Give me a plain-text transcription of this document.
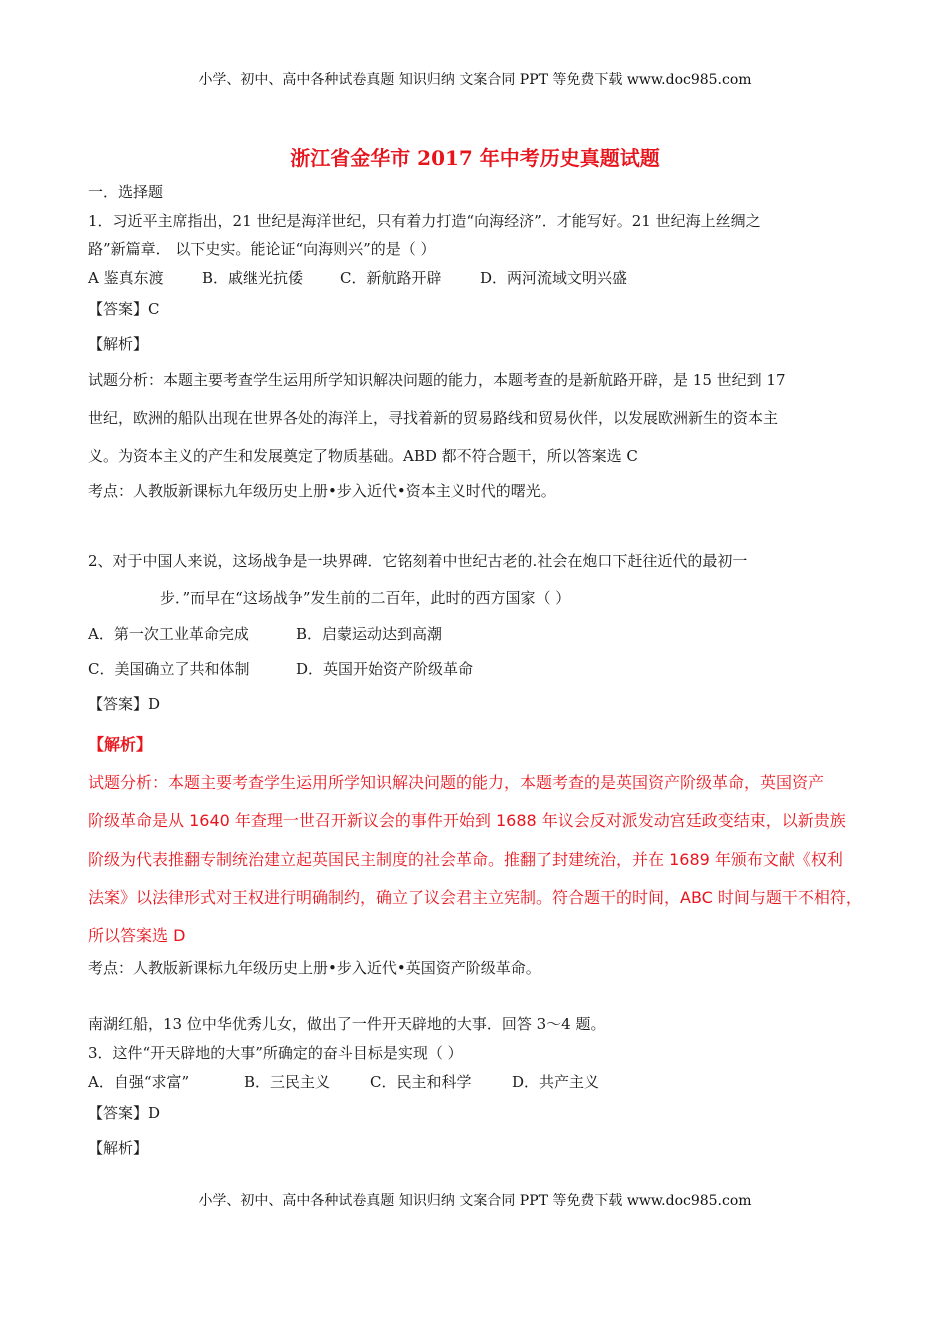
小学、初中、高中各种试卷真题 知识归纳 文案合同 PPT 等免费下载 www.doc985.com
浙江省金华市 2017 年中考历史真题试题
一．选择题
1．习近平主席指出，21 世纪是海洋世纪，只有着力打造“向海经济”．才能写好。21 世纪海上丝绸之
路”新篇章． 以下史实。能论证“向海则兴”的是（ ）
A 鉴真东渡	B．戚继光抗倭 C．新航路开辟	D．两河流域文明兴盛
【答案】C
【解析】
试题分析：本题主要考查学生运用所学知识解决问题的能力，本题考查的是新航路开辟，是 15 世纪到 17
世纪，欧洲的船队出现在世界各处的海洋上，寻找着新的贸易路线和贸易伙伴，以发展欧洲新生的资本主
义。为资本主义的产生和发展奠定了物质基础。ABD 都不符合题干，所以答案选 C
考点：人教版新课标九年级历史上册•步入近代•资本主义时代的曙光。
2、对于中国人来说，这场战争是一块界碑．它铭刻着中世纪古老的.社会在炮口下赶往近代的最初一
步．”而早在“这场战争”发生前的二百年，此时的西方国家（ ）
A．第一次工业革命完成	B．启蒙运动达到高潮
C．美国确立了共和体制	D．英国开始资产阶级革命
【答案】D
【解析】
试题分析：本题主要考查学生运用所学知识解决问题的能力，本题考查的是英国资产阶级革命，英国资产
阶级革命是从 1640 年查理一世召开新议会的事件开始到 1688 年议会反对派发动宫廷政变结束，以新贵族
阶级为代表推翻专制统治建立起英国民主制度的社会革命。推翻了封建统治，并在 1689 年颁布文献《权利
法案》以法律形式对王权进行明确制约，确立了议会君主立宪制。符合题干的时间，ABC 时间与题干不相符，
所以答案选 D
考点：人教版新课标九年级历史上册•步入近代•英国资产阶级革命。
南湖红船，13 位中华优秀儿女，做出了一件开天辟地的大事．回答 3～4 题。
3．这件“开天辟地的大事”所确定的奋斗目标是实现（ ）
A．自强“求富”	B．三民主义	C．民主和科学	D．共产主义
【答案】D
【解析】
小学、初中、高中各种试卷真题 知识归纳 文案合同 PPT 等免费下载 www.doc985.com
